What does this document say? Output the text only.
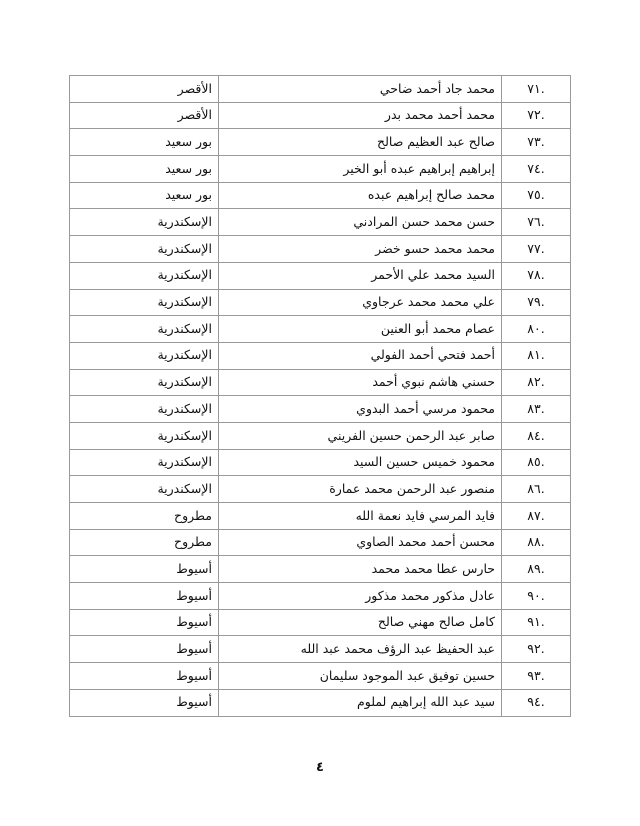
.٧١	محمد جاد أحمد ضاحي	الأقصر
.٧٢	محمد أحمد محمد بدر	الأقصر
.٧٣	صالح عبد العظيم صالح	بور سعيد
.٧٤	إبراهيم إبراهيم عبده أبو الخير	بور سعيد
.٧٥	محمد صالح إبراهيم عبده	بور سعيد
.٧٦	حسن محمد حسن المرادني	الإسكندرية
.٧٧	محمد محمد حسو خضر	الإسكندرية
.٧٨	السيد محمد علي الأحمر	الإسكندرية
.٧٩	علي محمد محمد عرجاوي	الإسكندرية
.٨٠	عصام محمد أبو العنين	الإسكندرية
.٨١	أحمد فتحي أحمد الفولي	الإسكندرية
.٨٢	حسني هاشم نبوي أحمد	الإسكندرية
.٨٣	محمود مرسي أحمد البدوي	الإسكندرية
.٨٤	صابر عبد الرحمن حسين الفريني	الإسكندرية
.٨٥	محمود خميس حسين السيد	الإسكندرية
.٨٦	منصور عبد الرحمن محمد عمارة	الإسكندرية
.٨٧	فايد المرسي فايد نعمة الله	مطروح
.٨٨	محسن أحمد محمد الصاوي	مطروح
.٨٩	حارس عطا محمد محمد	أسيوط
.٩٠	عادل مذكور محمد مذكور	أسيوط
.٩١	كامل صالح مهني صالح	أسيوط
.٩٢	عبد الحفيظ عبد الرؤف محمد عبد الله	أسيوط
.٩٣	حسين توفيق عبد الموجود سليمان	أسيوط
.٩٤	سيد عبد الله إبراهيم لملوم	أسيوط
٤
